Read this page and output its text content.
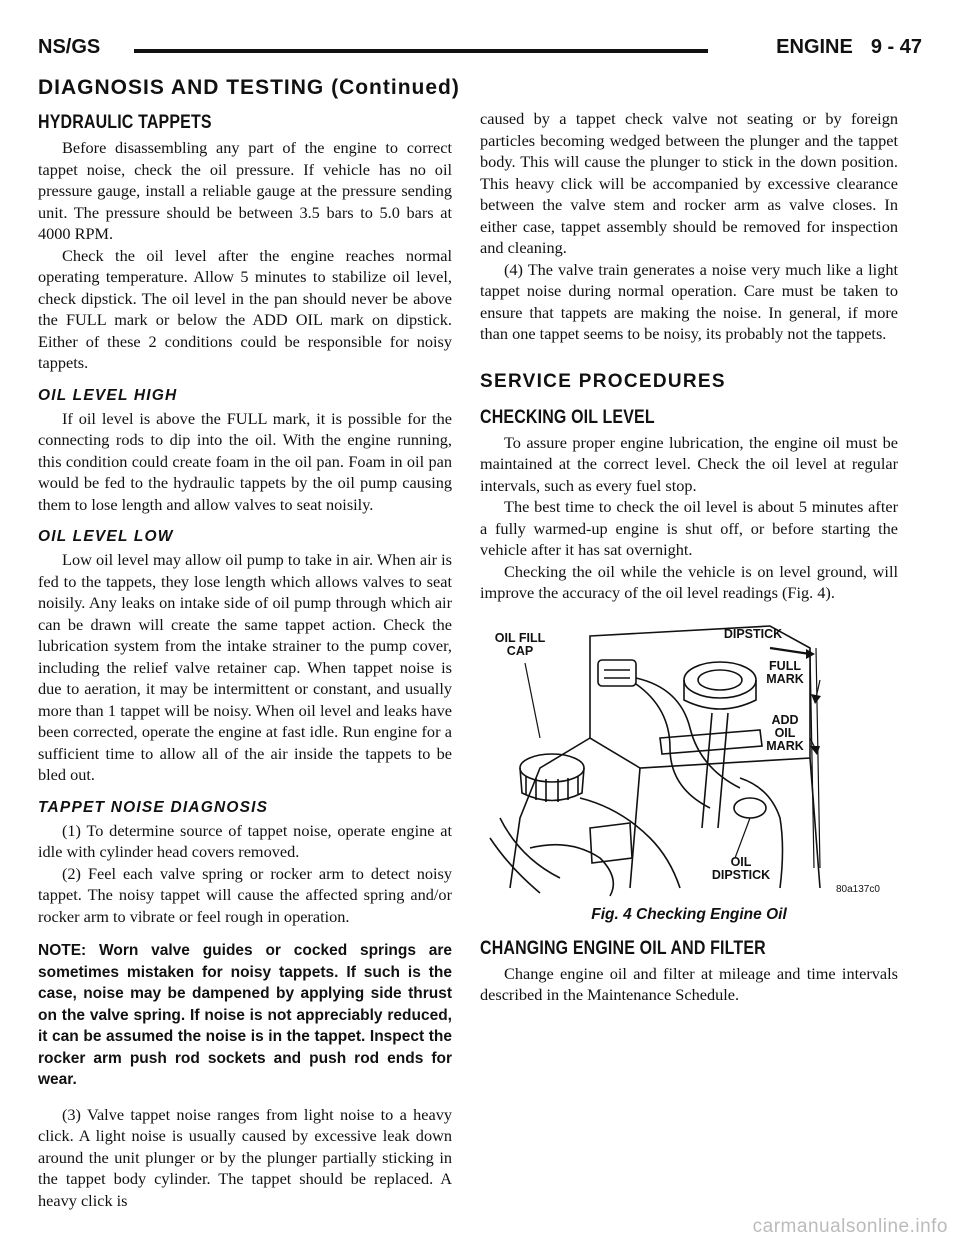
NS/GS	ENGINE 9 - 47
DIAGNOSIS AND TESTING (Continued)
HYDRAULIC TAPPETS

Before disassembling any part of the engine to correct tappet noise, check the oil pressure. If vehicle has no oil pressure gauge, install a reliable gauge at the pressure sending unit. The pressure should be between 3.5 bars to 5.0 bars at 4000 RPM.

Check the oil level after the engine reaches normal operating temperature. Allow 5 minutes to stabilize oil level, check dipstick. The oil level in the pan should never be above the FULL mark or below the ADD OIL mark on dipstick. Either of these 2 conditions could be responsible for noisy tappets.

OIL LEVEL HIGH

If oil level is above the FULL mark, it is possible for the connecting rods to dip into the oil. With the engine running, this condition could create foam in the oil pan. Foam in oil pan would be fed to the hydraulic tappets by the oil pump causing them to lose length and allow valves to seat noisily.

OIL LEVEL LOW

Low oil level may allow oil pump to take in air. When air is fed to the tappets, they lose length which allows valves to seat noisily. Any leaks on intake side of oil pump through which air can be drawn will create the same tappet action. Check the lubrication system from the intake strainer to the pump cover, including the relief valve retainer cap. When tappet noise is due to aeration, it may be intermittent or constant, and usually more than 1 tappet will be noisy. When oil level and leaks have been corrected, operate the engine at fast idle. Run engine for a sufficient time to allow all of the air inside the tappets to be bled out.

TAPPET NOISE DIAGNOSIS

(1) To determine source of tappet noise, operate engine at idle with cylinder head covers removed.

(2) Feel each valve spring or rocker arm to detect noisy tappet. The noisy tappet will cause the affected spring and/or rocker arm to vibrate or feel rough in operation.

NOTE: Worn valve guides or cocked springs are sometimes mistaken for noisy tappets. If such is the case, noise may be dampened by applying side thrust on the valve spring. If noise is not appreciably reduced, it can be assumed the noise is in the tappet. Inspect the rocker arm push rod sockets and push rod ends for wear.

(3) Valve tappet noise ranges from light noise to a heavy click. A light noise is usually caused by excessive leak down around the unit plunger or by the plunger partially sticking in the tappet body cylinder. The tappet should be replaced. A heavy click is

caused by a tappet check valve not seating or by foreign particles becoming wedged between the plunger and the tappet body. This will cause the plunger to stick in the down position. This heavy click will be accompanied by excessive clearance between the valve stem and rocker arm as valve closes. In either case, tappet assembly should be removed for inspection and cleaning.

(4) The valve train generates a noise very much like a light tappet noise during normal operation. Care must be taken to ensure that tappets are making the noise. In general, if more than one tappet seems to be noisy, its probably not the tappets.

SERVICE PROCEDURES
CHECKING OIL LEVEL

To assure proper engine lubrication, the engine oil must be maintained at the correct level. Check the oil level at regular intervals, such as every fuel stop.

The best time to check the oil level is about 5 minutes after a fully warmed-up engine is shut off, or before starting the vehicle after it has sat overnight.

Checking the oil while the vehicle is on level ground, will improve the accuracy of the oil level readings (Fig. 4).

OIL FILL CAP
DIPSTICK
FULL MARK
ADD OIL MARK
OIL DIPSTICK
80a137c0
Fig. 4 Checking Engine Oil
CHANGING ENGINE OIL AND FILTER

Change engine oil and filter at mileage and time intervals described in the Maintenance Schedule.

carmanualsonline.info
